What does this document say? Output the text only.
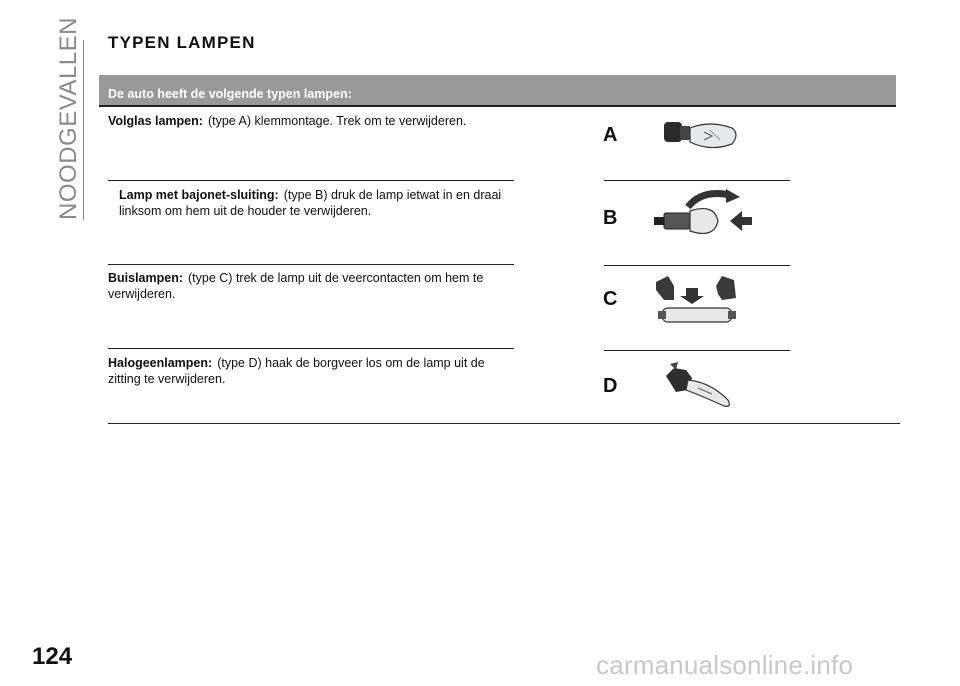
NOODGEVALLEN TYPEN LAMPEN
De auto heeft de volgende typen lampen:
Volglas lampen: (type A) klemmontage. Trek om te verwijderen.
Lamp met bajonet-sluiting: (type B) druk de lamp ietwat in en draai linksom om hem uit de houder te verwijderen.
Buislampen: (type C) trek de lamp uit de veercontacten om hem te verwijderen.
Halogeenlampen: (type D) haak de borgveer los om de lamp uit de zitting te verwijderen.
A
B
C
D
124	carmanualsonline.info
